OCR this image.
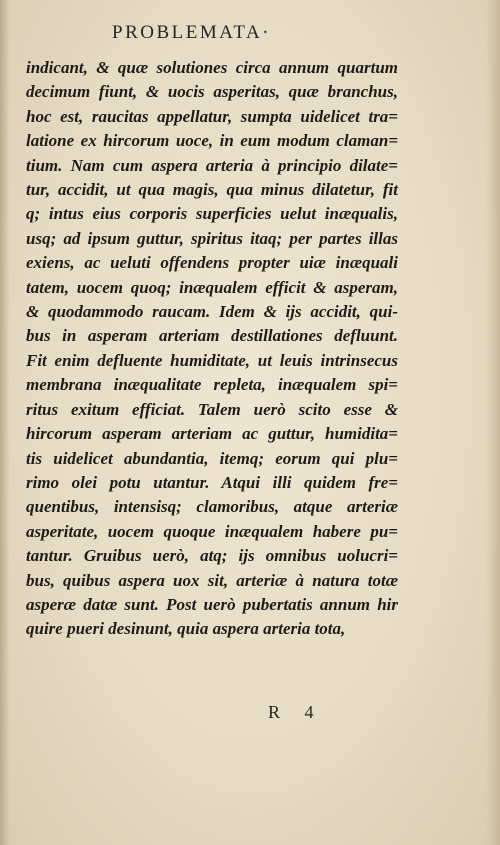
PROBLEMATA·
indicant, & quæ solutiones circa annum quartum
decimum fiunt, & uocis asperitas, quæ branchus,
hoc est, raucitas appellatur, sumpta uidelicet tra=
latione ex hircorum uoce, in eum modum claman=
tium. Nam cum aspera arteria à principio dilate=
tur, accidit, ut qua magis, qua minus dilatetur, fit
q; intus eius corporis superficies uelut inæqualis,
usq; ad ipsum guttur, spiritus itaq; per partes illas
exiens, ac ueluti offendens propter uiæ inæquali
tatem, uocem quoq; inæqualem efficit & asperam,
& quodammodo raucam. Idem & ijs accidit, qui-
bus in asperam arteriam destillationes defluunt.
Fit enim defluente humiditate, ut leuis intrinsecus
membrana inæqualitate repleta, inæqualem spi=
ritus exitum efficiat. Talem uerò scito esse &
hircorum asperam arteriam ac guttur, humidita=
tis uidelicet abundantia, itemq; eorum qui plu=
rimo olei potu utantur. Atqui illi quidem fre=
quentibus, intensisq; clamoribus, atque arteriæ
asperitate, uocem quoque inæqualem habere pu=
tantur. Gruibus uerò, atq; ijs omnibus uolucri=
bus, quibus aspera uox sit, arteriæ à natura totæ
asperæ datæ sunt. Post uerò pubertatis annum hir
quire pueri desinunt, quia aspera arteria tota,
R 4
